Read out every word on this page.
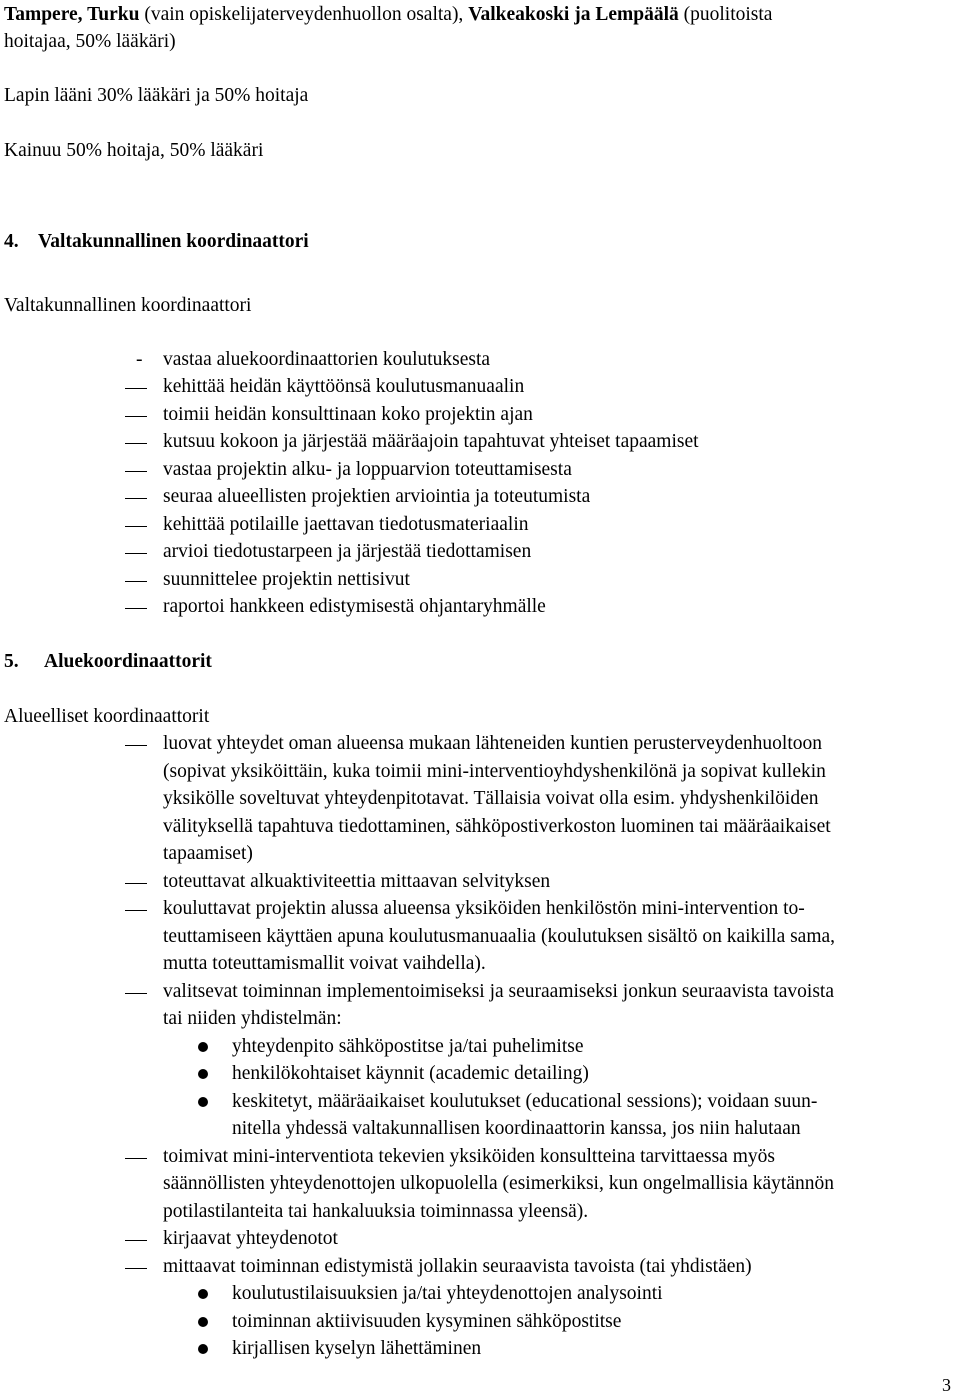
Tampere, Turku (vain opiskelijaterveydenhuollon osalta), Valkeakoski ja Lempäälä (puolitoista
hoitajaa, 50% lääkäri)
Lapin lääni 30% lääkäri ja 50% hoitaja
Kainuu 50% hoitaja, 50% lääkäri
4. Valtakunnallinen koordinaattori
Valtakunnallinen koordinaattori
- vastaa aluekoordinaattorien koulutuksesta
kehittää heidän käyttöönsä koulutusmanuaalin
toimii heidän konsulttinaan koko projektin ajan
kutsuu kokoon ja järjestää määräajoin tapahtuvat yhteiset tapaamiset
vastaa projektin alku- ja loppuarvion toteuttamisesta
seuraa alueellisten projektien arviointia ja toteutumista
kehittää potilaille jaettavan tiedotusmateriaalin
arvioi tiedotustarpeen ja järjestää tiedottamisen
suunnittelee projektin nettisivut
raportoi hankkeen edistymisestä ohjantaryhmälle
5. Aluekoordinaattorit
Alueelliset koordinaattorit
luovat yhteydet oman alueensa mukaan lähteneiden kuntien perusterveydenhuoltoon
(sopivat yksiköittäin, kuka toimii mini-interventioyhdyshenkilönä ja sopivat kullekin
yksikölle soveltuvat yhteydenpitotavat. Tällaisia voivat olla esim. yhdyshenkilöiden
välityksellä tapahtuva tiedottaminen, sähköpostiverkoston luominen tai määräaikaiset
tapaamiset)
toteuttavat alkuaktiviteettia mittaavan selvityksen
kouluttavat projektin alussa alueensa yksiköiden henkilöstön mini-intervention to-
teuttamiseen käyttäen apuna koulutusmanuaalia (koulutuksen sisältö on kaikilla sama,
mutta toteuttamismallit voivat vaihdella).
valitsevat toiminnan implementoimiseksi ja seuraamiseksi jonkun seuraavista tavoista
tai niiden yhdistelmän:
yhteydenpito sähköpostitse ja/tai puhelimitse
henkilökohtaiset käynnit (academic detailing)
keskitetyt, määräaikaiset koulutukset (educational sessions); voidaan suun-
nitella yhdessä valtakunnallisen koordinaattorin kanssa, jos niin halutaan
toimivat mini-interventiota tekevien yksiköiden konsultteina tarvittaessa myös
säännöllisten yhteydenottojen ulkopuolella (esimerkiksi, kun ongelmallisia käytännön
potilastilanteita tai hankaluuksia toiminnassa yleensä).
kirjaavat yhteydenotot
mittaavat toiminnan edistymistä jollakin seuraavista tavoista (tai yhdistäen)
koulutustilaisuuksien ja/tai yhteydenottojen analysointi
toiminnan aktiivisuuden kysyminen sähköpostitse
kirjallisen kyselyn lähettäminen
3
